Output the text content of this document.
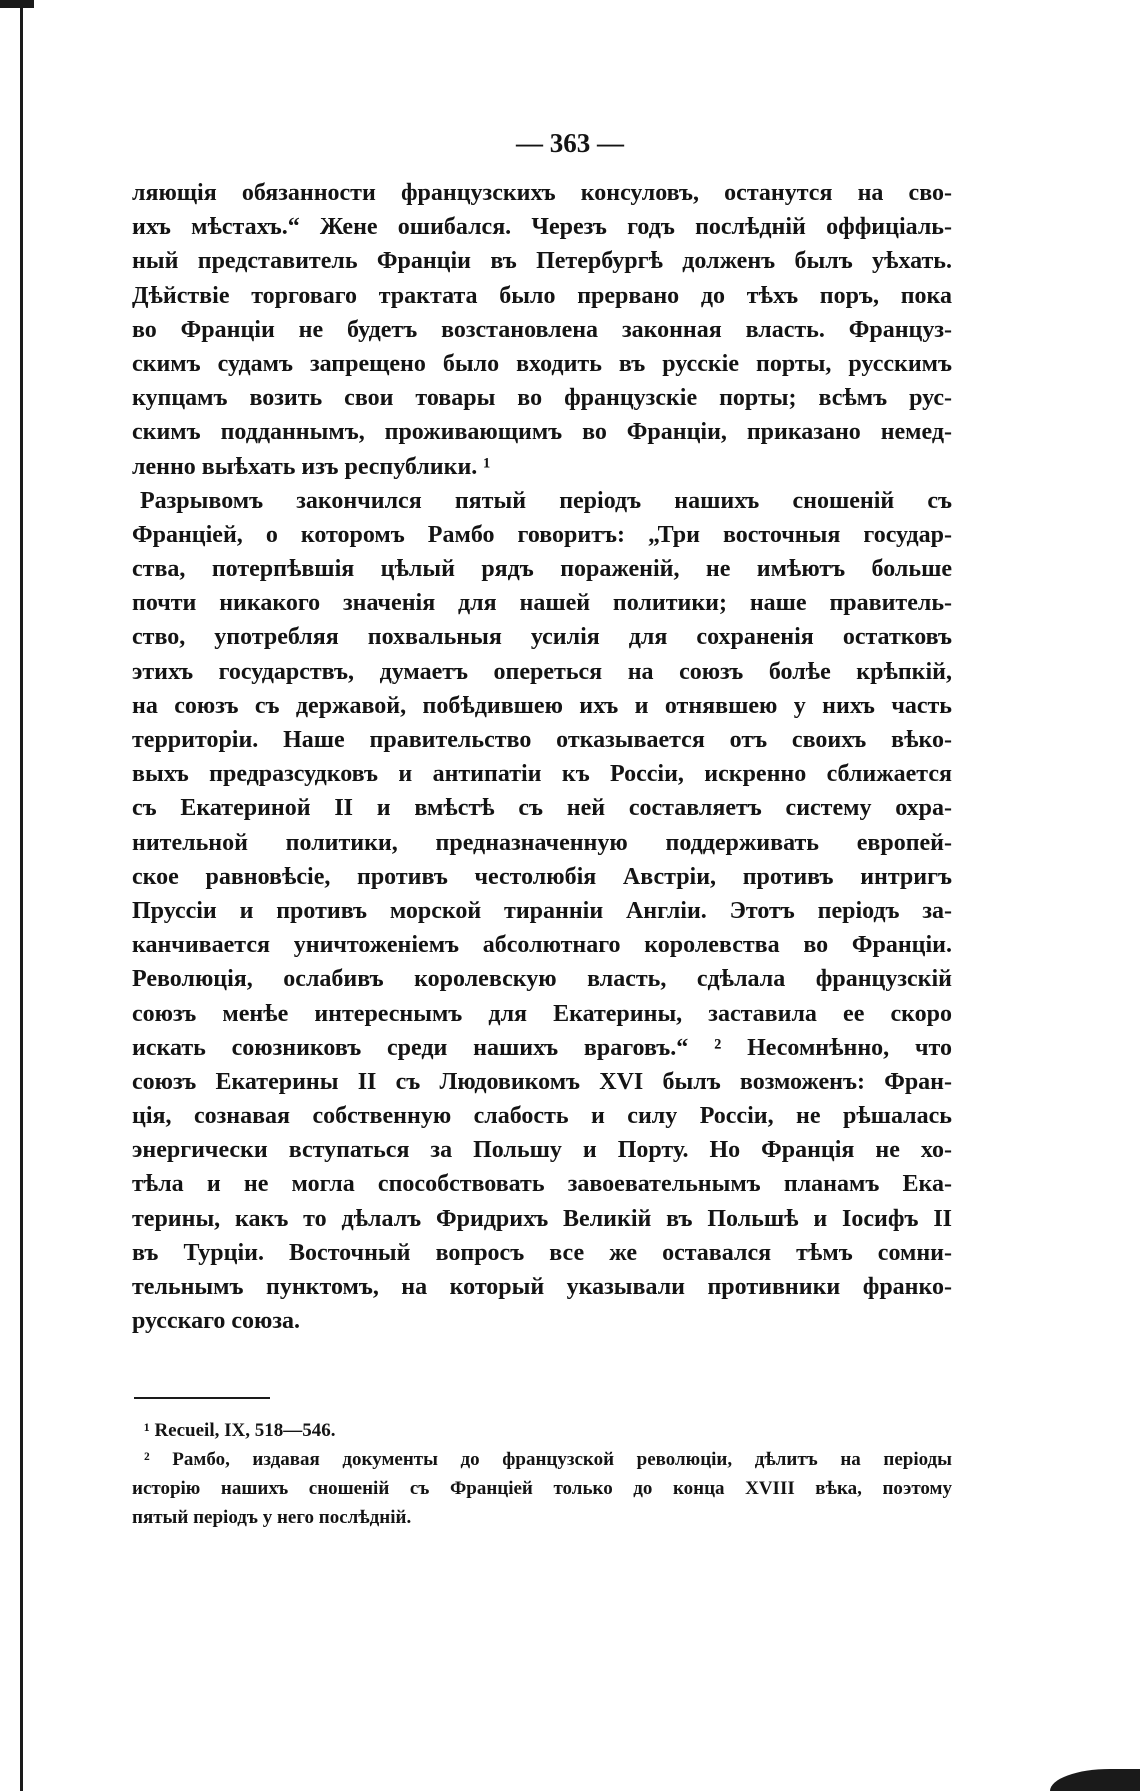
— 363 —
ляющія обязанности французскихъ консуловъ, останутся на сво-
ихъ мѣстахъ.“ Жене ошибался. Черезъ годъ послѣдній оффиціаль-
ный представитель Франціи въ Петербургѣ долженъ былъ уѣхать.
Дѣйствіе торговаго трактата было прервано до тѣхъ поръ, пока
во Франціи не будетъ возстановлена законная власть. Француз-
скимъ судамъ запрещено было входить въ русскіе порты, русскимъ
купцамъ возить свои товары во французскіе порты; всѣмъ рус-
скимъ подданнымъ, проживающимъ во Франціи, приказано немед-
ленно выѣхать изъ республики. ¹
Разрывомъ закончился пятый періодъ нашихъ сношеній съ
Франціей, о которомъ Рамбо говоритъ: „Три восточныя государ-
ства, потерпѣвшія цѣлый рядъ пораженій, не имѣютъ больше
почти никакого значенія для нашей политики; наше правитель-
ство, употребляя похвальныя усилія для сохраненія остатковъ
этихъ государствъ, думаетъ опереться на союзъ болѣе крѣпкій,
на союзъ съ державой, побѣдившею ихъ и отнявшею у нихъ часть
территоріи. Наше правительство отказывается отъ своихъ вѣко-
выхъ предразсудковъ и антипатіи къ Россіи, искренно сближается
съ Екатериной II и вмѣстѣ съ ней составляетъ систему охра-
нительной политики, предназначенную поддерживать европей-
ское равновѣсіе, противъ честолюбія Австріи, противъ интригъ
Пруссіи и противъ морской тиранніи Англіи. Этотъ періодъ за-
канчивается уничтоженіемъ абсолютнаго королевства во Франціи.
Революція, ослабивъ королевскую власть, сдѣлала французскій
союзъ менѣе интереснымъ для Екатерины, заставила ее скоро
искать союзниковъ среди нашихъ враговъ.“ ² Несомнѣнно, что
союзъ Екатерины II съ Людовикомъ XVI былъ возможенъ: Фран-
ція, сознавая собственную слабость и силу Россіи, не рѣшалась
энергически вступаться за Польшу и Порту. Но Франція не хо-
тѣла и не могла способствовать завоевательнымъ планамъ Ека-
терины, какъ то дѣлалъ Фридрихъ Великій въ Польшѣ и Іосифъ II
въ Турціи. Восточный вопросъ все же оставался тѣмъ сомни-
тельнымъ пунктомъ, на который указывали противники франко-
русскаго союза.
¹ Recueil, IX, 518—546.
² Рамбо, издавая документы до французской революціи, дѣлитъ на періоды
исторію нашихъ сношеній съ Франціей только до конца XVIII вѣка, поэтому
пятый періодъ у него послѣдній.
